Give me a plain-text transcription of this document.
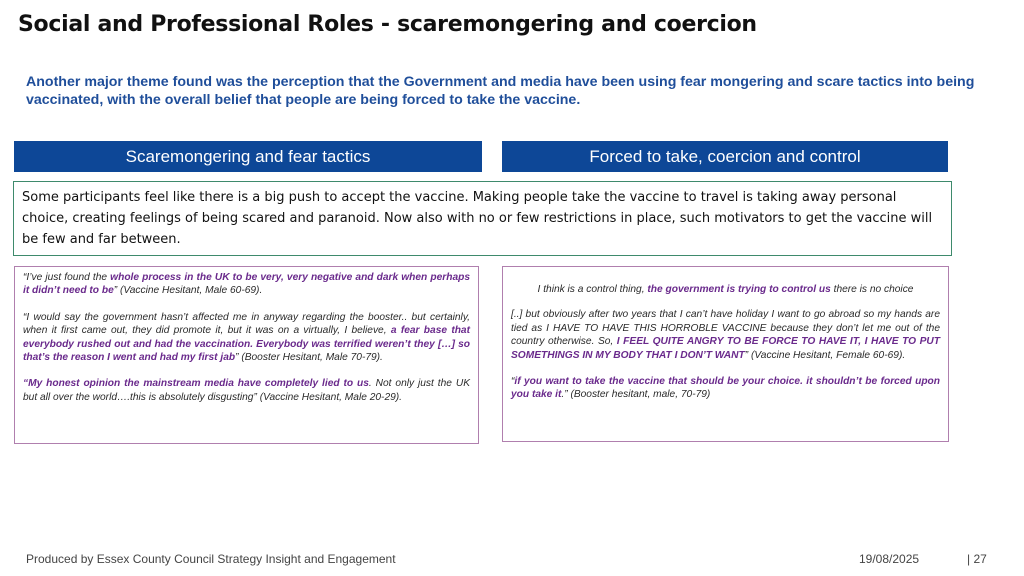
Social and Professional Roles - scaremongering and coercion
Another major theme found was the perception that the Government and media have been using fear mongering and scare tactics into being vaccinated, with the overall belief that people are being forced to take the vaccine.
Scaremongering and fear tactics	Forced to take, coercion and control
Some participants feel like there is a big push to accept the vaccine. Making people take the vaccine to travel is taking away personal choice, creating feelings of being scared and paranoid. Now also with no or few restrictions in place, such motivators to get the vaccine will be few and far between.

“I’ve just found the whole process in the UK to be very, very negative and dark when perhaps it didn’t need to be” (Vaccine Hesitant, Male 60-69).

“I would say the government hasn’t affected me in anyway regarding the booster.. but certainly, when it first came out, they did promote it, but it was on a virtually, I believe, a fear base that everybody rushed out and had the vaccination. Everybody was terrified weren’t they […] so that’s the reason I went and had my first jab” (Booster Hesitant, Male 70-79).

“My honest opinion the mainstream media have completely lied to us. Not only just the UK but all over the world….this is absolutely disgusting” (Vaccine Hesitant, Male 20-29).

I think is a control thing, the government is trying to control us there is no choice

[..] but obviously after two years that I can’t have holiday I want to go abroad so my hands are tied as I HAVE TO HAVE THIS HORROBLE VACCINE because they don’t let me out of the country otherwise. So, I FEEL QUITE ANGRY TO BE FORCE TO HAVE IT, I HAVE TO PUT SOMETHINGS IN MY BODY THAT I DON’T WANT” (Vaccine Hesitant, Female 60-69).

“if you want to take the vaccine that should be your choice. it shouldn’t be forced upon you take it.” (Booster hesitant, male, 70-79)

Produced by Essex County Council Strategy Insight and Engagement	19/08/2025	| 27
